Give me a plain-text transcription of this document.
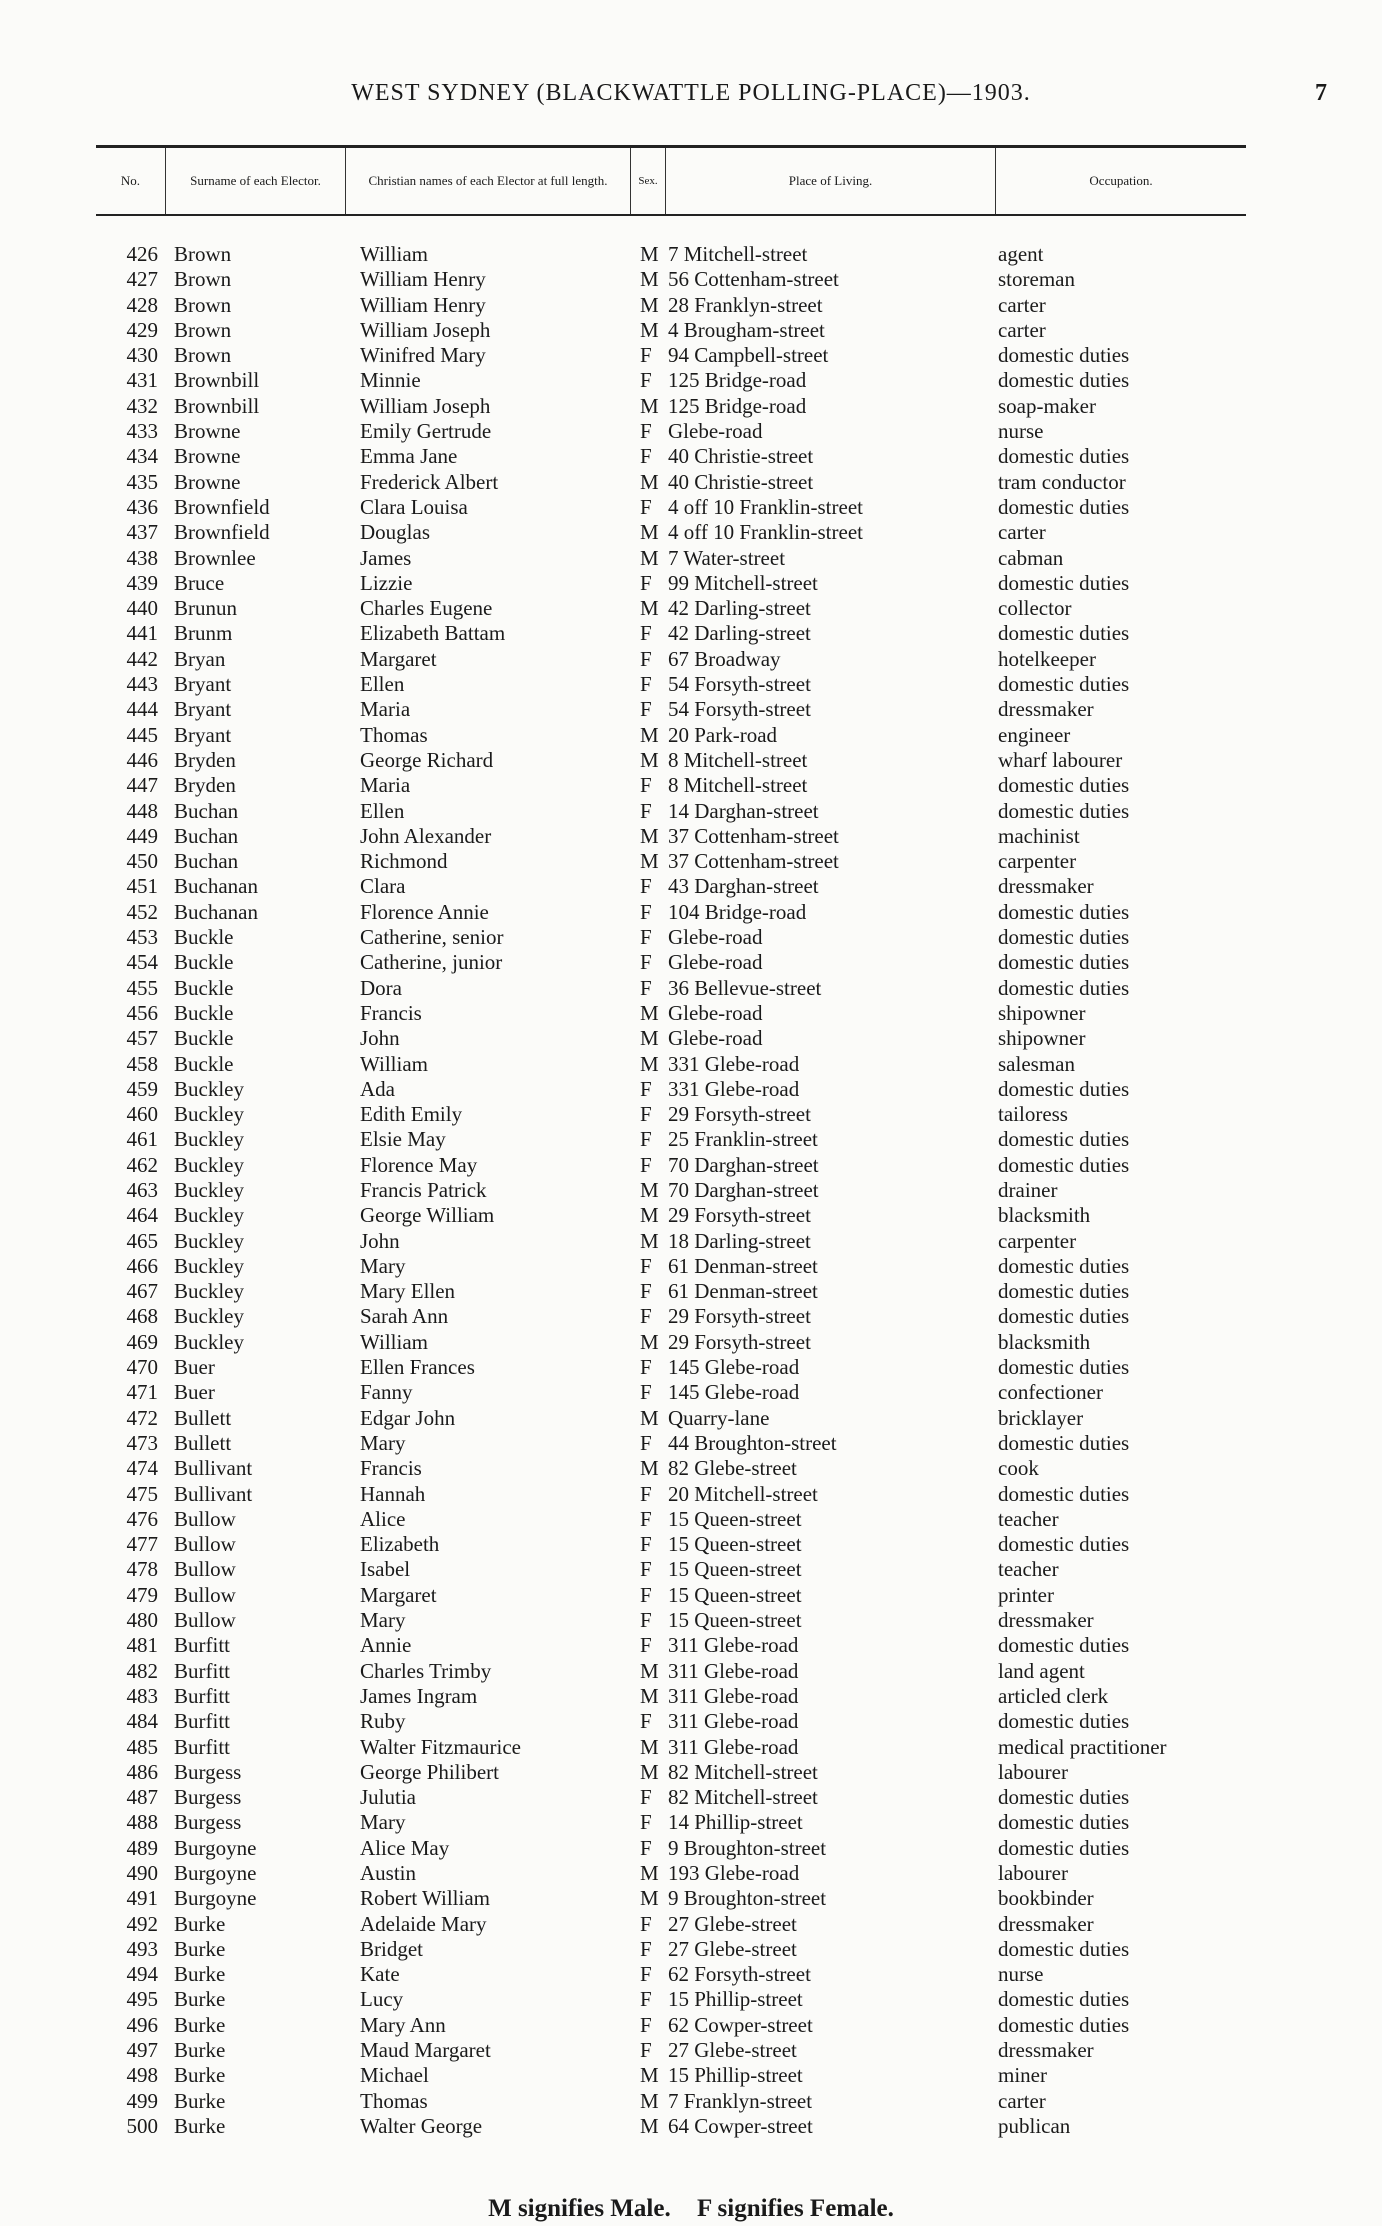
WEST SYDNEY (BLACKWATTLE POLLING-PLACE)—1903.	7
No.	Surname of each Elector.	Christian names of each Elector at full length.	Sex.	Place of Living.	Occupation.
426 Brown	William	M 7 Mitchell-street	agent
427 Brown	William Henry	M 56 Cottenham-street	storeman
428 Brown	William Henry	M 28 Franklyn-street	carter
429 Brown	William Joseph	M 4 Brougham-street	carter
430 Brown	Winifred Mary	F 94 Campbell-street	domestic duties
431 Brownbill	Minnie	F 125 Bridge-road	domestic duties
432 Brownbill	William Joseph	M 125 Bridge-road	soap-maker
433 Browne	Emily Gertrude	F Glebe-road	nurse
434 Browne	Emma Jane	F 40 Christie-street	domestic duties
435 Browne	Frederick Albert	M 40 Christie-street	tram conductor
436 Brownfield	Clara Louisa	F 4 off 10 Franklin-street	domestic duties
437 Brownfield	Douglas	M 4 off 10 Franklin-street	carter
438 Brownlee	James	M 7 Water-street	cabman
439 Bruce	Lizzie	F 99 Mitchell-street	domestic duties
440 Brunun	Charles Eugene	M 42 Darling-street	collector
441 Brunm	Elizabeth Battam	F 42 Darling-street	domestic duties
442 Bryan	Margaret	F 67 Broadway	hotelkeeper
443 Bryant	Ellen	F 54 Forsyth-street	domestic duties
444 Bryant	Maria	F 54 Forsyth-street	dressmaker
445 Bryant	Thomas	M 20 Park-road	engineer
446 Bryden	George Richard	M 8 Mitchell-street	wharf labourer
447 Bryden	Maria	F 8 Mitchell-street	domestic duties
448 Buchan	Ellen	F 14 Darghan-street	domestic duties
449 Buchan	John Alexander	M 37 Cottenham-street	machinist
450 Buchan	Richmond	M 37 Cottenham-street	carpenter
451 Buchanan	Clara	F 43 Darghan-street	dressmaker
452 Buchanan	Florence Annie	F 104 Bridge-road	domestic duties
453 Buckle	Catherine, senior	F Glebe-road	domestic duties
454 Buckle	Catherine, junior	F Glebe-road	domestic duties
455 Buckle	Dora	F 36 Bellevue-street	domestic duties
456 Buckle	Francis	M Glebe-road	shipowner
457 Buckle	John	M Glebe-road	shipowner
458 Buckle	William	M 331 Glebe-road	salesman
459 Buckley	Ada	F 331 Glebe-road	domestic duties
460 Buckley	Edith Emily	F 29 Forsyth-street	tailoress
461 Buckley	Elsie May	F 25 Franklin-street	domestic duties
462 Buckley	Florence May	F 70 Darghan-street	domestic duties
463 Buckley	Francis Patrick	M 70 Darghan-street	drainer
464 Buckley	George William	M 29 Forsyth-street	blacksmith
465 Buckley	John	M 18 Darling-street	carpenter
466 Buckley	Mary	F 61 Denman-street	domestic duties
467 Buckley	Mary Ellen	F 61 Denman-street	domestic duties
468 Buckley	Sarah Ann	F 29 Forsyth-street	domestic duties
469 Buckley	William	M 29 Forsyth-street	blacksmith
470 Buer	Ellen Frances	F 145 Glebe-road	domestic duties
471 Buer	Fanny	F 145 Glebe-road	confectioner
472 Bullett	Edgar John	M Quarry-lane	bricklayer
473 Bullett	Mary	F 44 Broughton-street	domestic duties
474 Bullivant	Francis	M 82 Glebe-street	cook
475 Bullivant	Hannah	F 20 Mitchell-street	domestic duties
476 Bullow	Alice	F 15 Queen-street	teacher
477 Bullow	Elizabeth	F 15 Queen-street	domestic duties
478 Bullow	Isabel	F 15 Queen-street	teacher
479 Bullow	Margaret	F 15 Queen-street	printer
480 Bullow	Mary	F 15 Queen-street	dressmaker
481 Burfitt	Annie	F 311 Glebe-road	domestic duties
482 Burfitt	Charles Trimby	M 311 Glebe-road	land agent
483 Burfitt	James Ingram	M 311 Glebe-road	articled clerk
484 Burfitt	Ruby	F 311 Glebe-road	domestic duties
485 Burfitt	Walter Fitzmaurice	M 311 Glebe-road	medical practitioner
486 Burgess	George Philibert	M 82 Mitchell-street	labourer
487 Burgess	Julutia	F 82 Mitchell-street	domestic duties
488 Burgess	Mary	F 14 Phillip-street	domestic duties
489 Burgoyne	Alice May	F 9 Broughton-street	domestic duties
490 Burgoyne	Austin	M 193 Glebe-road	labourer
491 Burgoyne	Robert William	M 9 Broughton-street	bookbinder
492 Burke	Adelaide Mary	F 27 Glebe-street	dressmaker
493 Burke	Bridget	F 27 Glebe-street	domestic duties
494 Burke	Kate	F 62 Forsyth-street	nurse
495 Burke	Lucy	F 15 Phillip-street	domestic duties
496 Burke	Mary Ann	F 62 Cowper-street	domestic duties
497 Burke	Maud Margaret	F 27 Glebe-street	dressmaker
498 Burke	Michael	M 15 Phillip-street	miner
499 Burke	Thomas	M 7 Franklyn-street	carter
500 Burke	Walter George	M 64 Cowper-street	publican
M signifies Male. F signifies Female.
